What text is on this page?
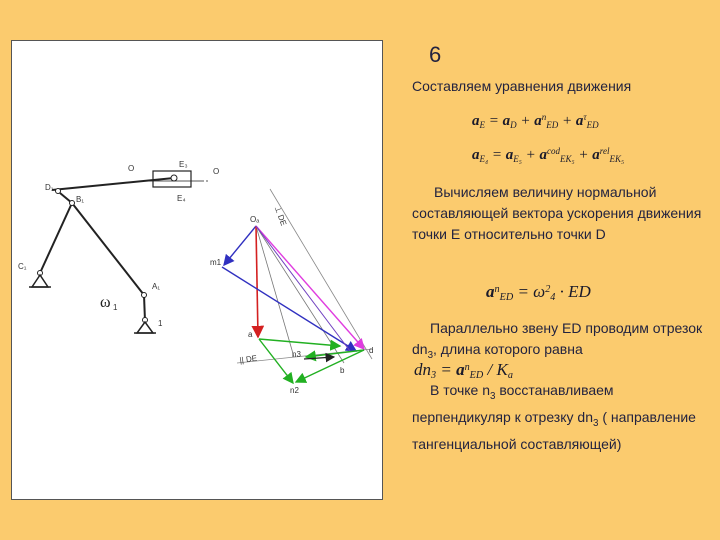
O	O
E₃
E₄
D₁
B₁
C₁
A₁
ω 1
1
⊥ DE
|| DE
Oₐ
m1
a
n3	d
b
n2
6
Составляем уравнения движения
$a_E = a_D + a^n_{ED} + a^\tau_{ED}$
$a_{E_4} = a_{E_5} + a^{cod}_{EK_5} + a^{rel}_{EK_5}$
Вычисляем величину нормальной составляющей вектора ускорения движения точки E относительно точки D
$a^n_{ED} = \omega^2_4$ · ED
Параллельно звену ED проводим отрезок $dn_3$, длина которого равна
$dn_3 = a^n_{ED} / K_a$
В точке $n_3$ восстанавливаем перпендикуляр к отрезку $dn_3$ ( направление тангенциальной составляющей)
